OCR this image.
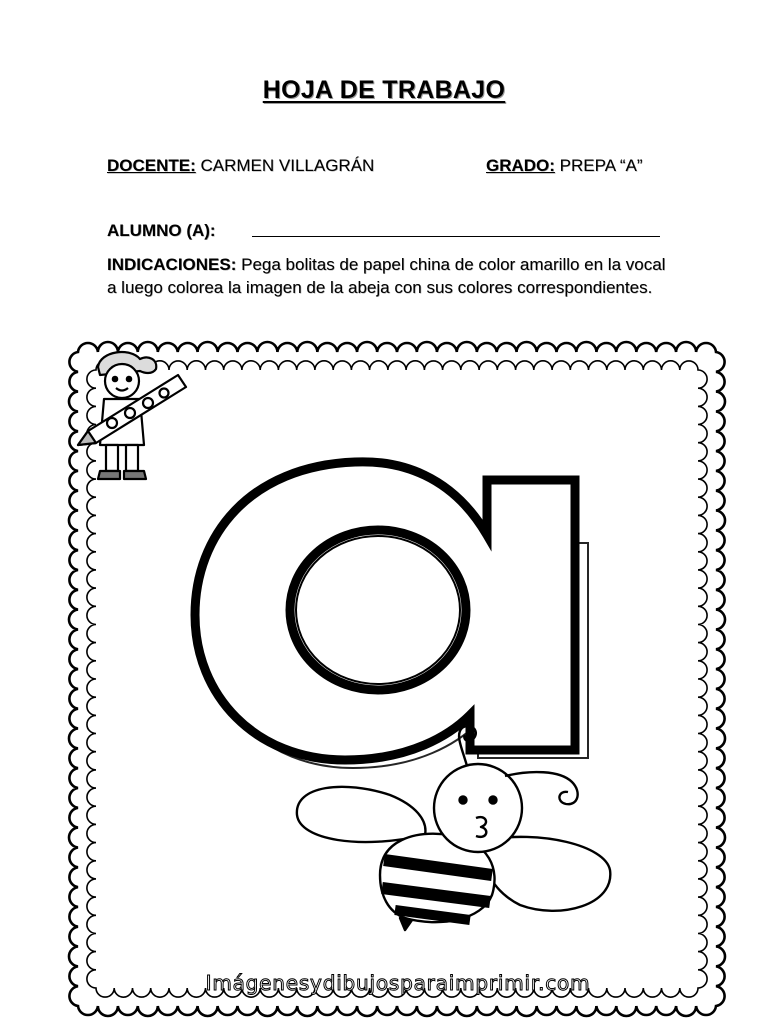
HOJA DE TRABAJO
DOCENTE: CARMEN VILLAGRÁN	GRADO: PREPA “A”
ALUMNO (A):
INDICACIONES: Pega bolitas de papel china de color amarillo en la vocal a luego colorea la imagen de la abeja con sus colores correspondientes.
Imágenesydibujosparaimprimir.com
